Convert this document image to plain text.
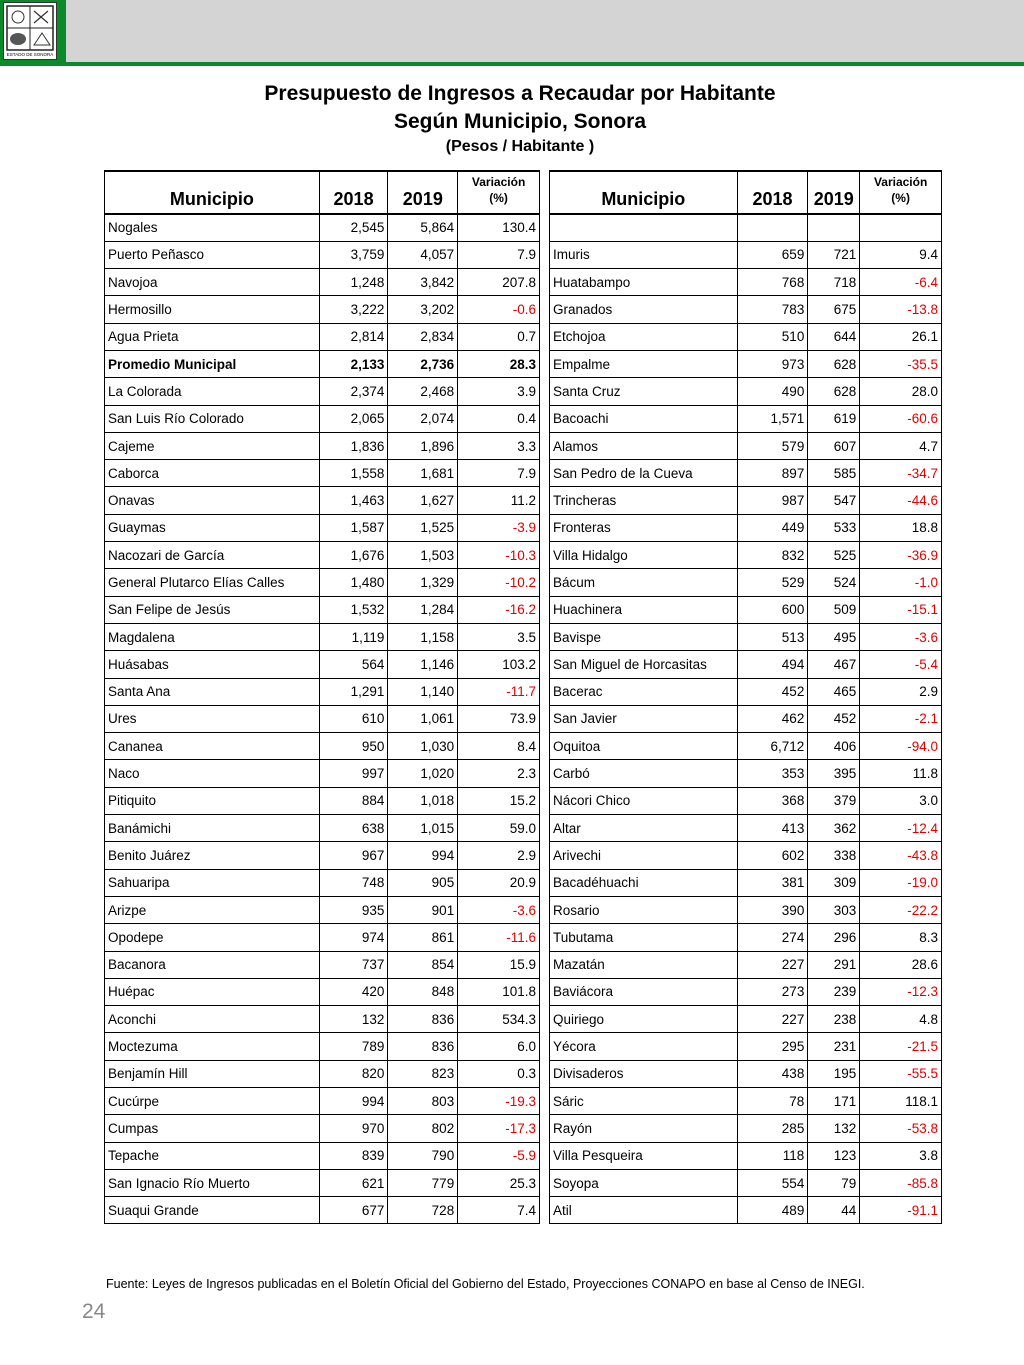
ESTADO DE SONORA
Presupuesto de Ingresos a Recaudar por Habitante
Según Municipio, Sonora
(Pesos / Habitante )
Municipio	2018	2019	Variación
(%)
Nogales	2,545	5,864	130.4
Puerto Peñasco	3,759	4,057	7.9
Navojoa	1,248	3,842	207.8
Hermosillo	3,222	3,202	-0.6
Agua Prieta	2,814	2,834	0.7
Promedio Municipal	2,133	2,736	28.3
La Colorada	2,374	2,468	3.9
San Luis Río Colorado	2,065	2,074	0.4
Cajeme	1,836	1,896	3.3
Caborca	1,558	1,681	7.9
Onavas	1,463	1,627	11.2
Guaymas	1,587	1,525	-3.9
Nacozari de García	1,676	1,503	-10.3
General Plutarco Elías Calles	1,480	1,329	-10.2
San Felipe de Jesús	1,532	1,284	-16.2
Magdalena	1,119	1,158	3.5
Huásabas	564	1,146	103.2
Santa Ana	1,291	1,140	-11.7
Ures	610	1,061	73.9
Cananea	950	1,030	8.4
Naco	997	1,020	2.3
Pitiquito	884	1,018	15.2
Banámichi	638	1,015	59.0
Benito Juárez	967	994	2.9
Sahuaripa	748	905	20.9
Arizpe	935	901	-3.6
Opodepe	974	861	-11.6
Bacanora	737	854	15.9
Huépac	420	848	101.8
Aconchi	132	836	534.3
Moctezuma	789	836	6.0
Benjamín Hill	820	823	0.3
Cucúrpe	994	803	-19.3
Cumpas	970	802	-17.3
Tepache	839	790	-5.9
San Ignacio Río Muerto	621	779	25.3
Suaqui Grande	677	728	7.4
Municipio	2018	2019	Variación
(%)

Imuris	659	721	9.4
Huatabampo	768	718	-6.4
Granados	783	675	-13.8
Etchojoa	510	644	26.1
Empalme	973	628	-35.5
Santa Cruz	490	628	28.0
Bacoachi	1,571	619	-60.6
Alamos	579	607	4.7
San Pedro de la Cueva	897	585	-34.7
Trincheras	987	547	-44.6
Fronteras	449	533	18.8
Villa Hidalgo	832	525	-36.9
Bácum	529	524	-1.0
Huachinera	600	509	-15.1
Bavispe	513	495	-3.6
San Miguel de Horcasitas	494	467	-5.4
Bacerac	452	465	2.9
San Javier	462	452	-2.1
Oquitoa	6,712	406	-94.0
Carbó	353	395	11.8
Nácori Chico	368	379	3.0
Altar	413	362	-12.4
Arivechi	602	338	-43.8
Bacadéhuachi	381	309	-19.0
Rosario	390	303	-22.2
Tubutama	274	296	8.3
Mazatán	227	291	28.6
Baviácora	273	239	-12.3
Quiriego	227	238	4.8
Yécora	295	231	-21.5
Divisaderos	438	195	-55.5
Sáric	78	171	118.1
Rayón	285	132	-53.8
Villa Pesqueira	118	123	3.8
Soyopa	554	79	-85.8
Atil	489	44	-91.1
Fuente: Leyes de Ingresos publicadas en el Boletín Oficial del Gobierno del Estado, Proyecciones CONAPO en base al Censo de INEGI.
24
